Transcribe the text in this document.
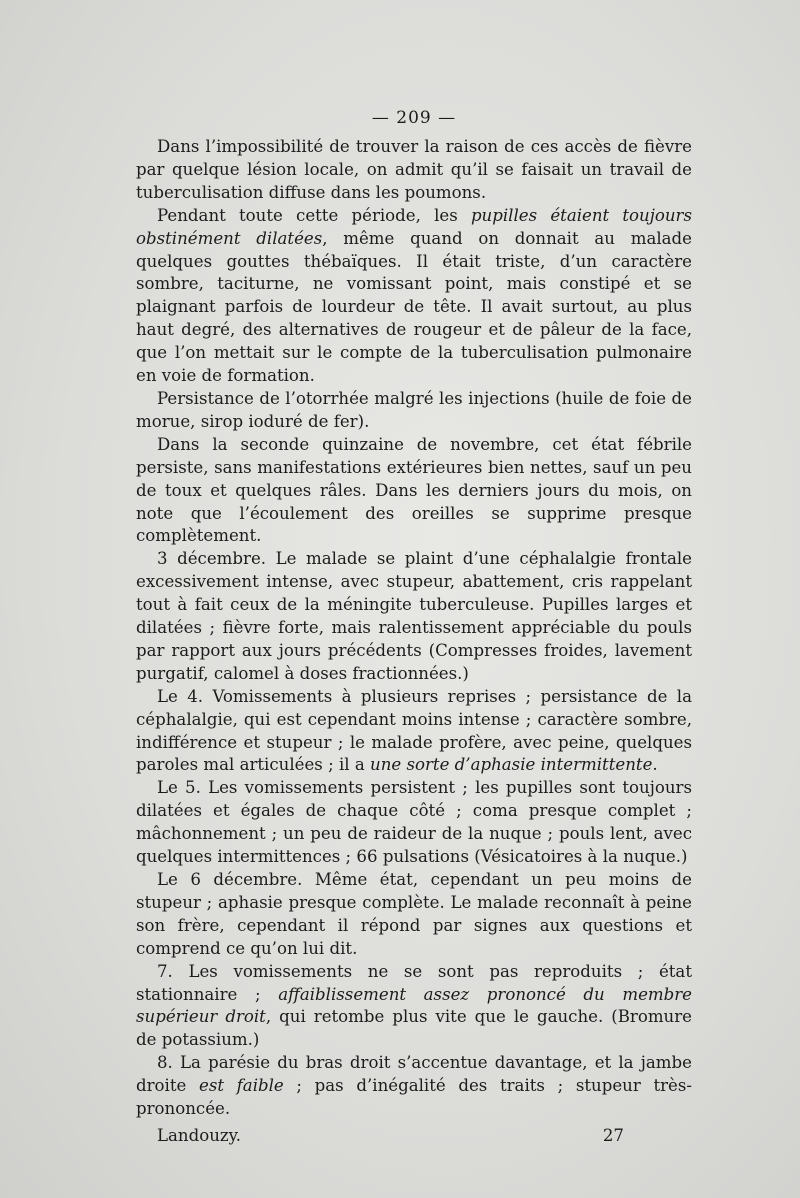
— 209 —

Dans l’impossibilité de trouver la raison de ces accès de fièvre par quelque lésion locale, on admit qu’il se faisait un travail de tuberculisation diffuse dans les poumons.

Pendant toute cette période, les pupilles étaient toujours obstinément dilatées, même quand on donnait au malade quelques gouttes thébaïques. Il était triste, d’un caractère sombre, taciturne, ne vomissant point, mais constipé et se plaignant parfois de lourdeur de tête. Il avait surtout, au plus haut degré, des alternatives de rougeur et de pâleur de la face, que l’on mettait sur le compte de la tuberculisation pulmonaire en voie de formation.

Persistance de l’otorrhée malgré les injections (huile de foie de morue, sirop ioduré de fer).

Dans la seconde quinzaine de novembre, cet état fébrile persiste, sans manifestations extérieures bien nettes, sauf un peu de toux et quelques râles. Dans les derniers jours du mois, on note que l’écoulement des oreilles se supprime presque complètement.

3 décembre. Le malade se plaint d’une céphalalgie frontale excessivement intense, avec stupeur, abattement, cris rappelant tout à fait ceux de la méningite tuberculeuse. Pupilles larges et dilatées ; fièvre forte, mais ralentissement appréciable du pouls par rapport aux jours précédents (Compresses froides, lavement purgatif, calomel à doses fractionnées.)

Le 4. Vomissements à plusieurs reprises ; persistance de la céphalalgie, qui est cependant moins intense ; caractère sombre, indifférence et stupeur ; le malade profère, avec peine, quelques paroles mal articulées ; il a une sorte d’aphasie intermittente.

Le 5. Les vomissements persistent ; les pupilles sont toujours dilatées et égales de chaque côté ; coma presque complet ; mâchonnement ; un peu de raideur de la nuque ; pouls lent, avec quelques intermittences ; 66 pulsations (Vésicatoires à la nuque.)

Le 6 décembre. Même état, cependant un peu moins de stupeur ; aphasie presque complète. Le malade reconnaît à peine son frère, cependant il répond par signes aux questions et comprend ce qu’on lui dit.

7. Les vomissements ne se sont pas reproduits ; état stationnaire ; affaiblissement assez prononcé du membre supérieur droit, qui retombe plus vite que le gauche. (Bromure de potassium.)

8. La parésie du bras droit s’accentue davantage, et la jambe droite est faible ; pas d’inégalité des traits ; stupeur très-prononcée.

Landouzy.	27
